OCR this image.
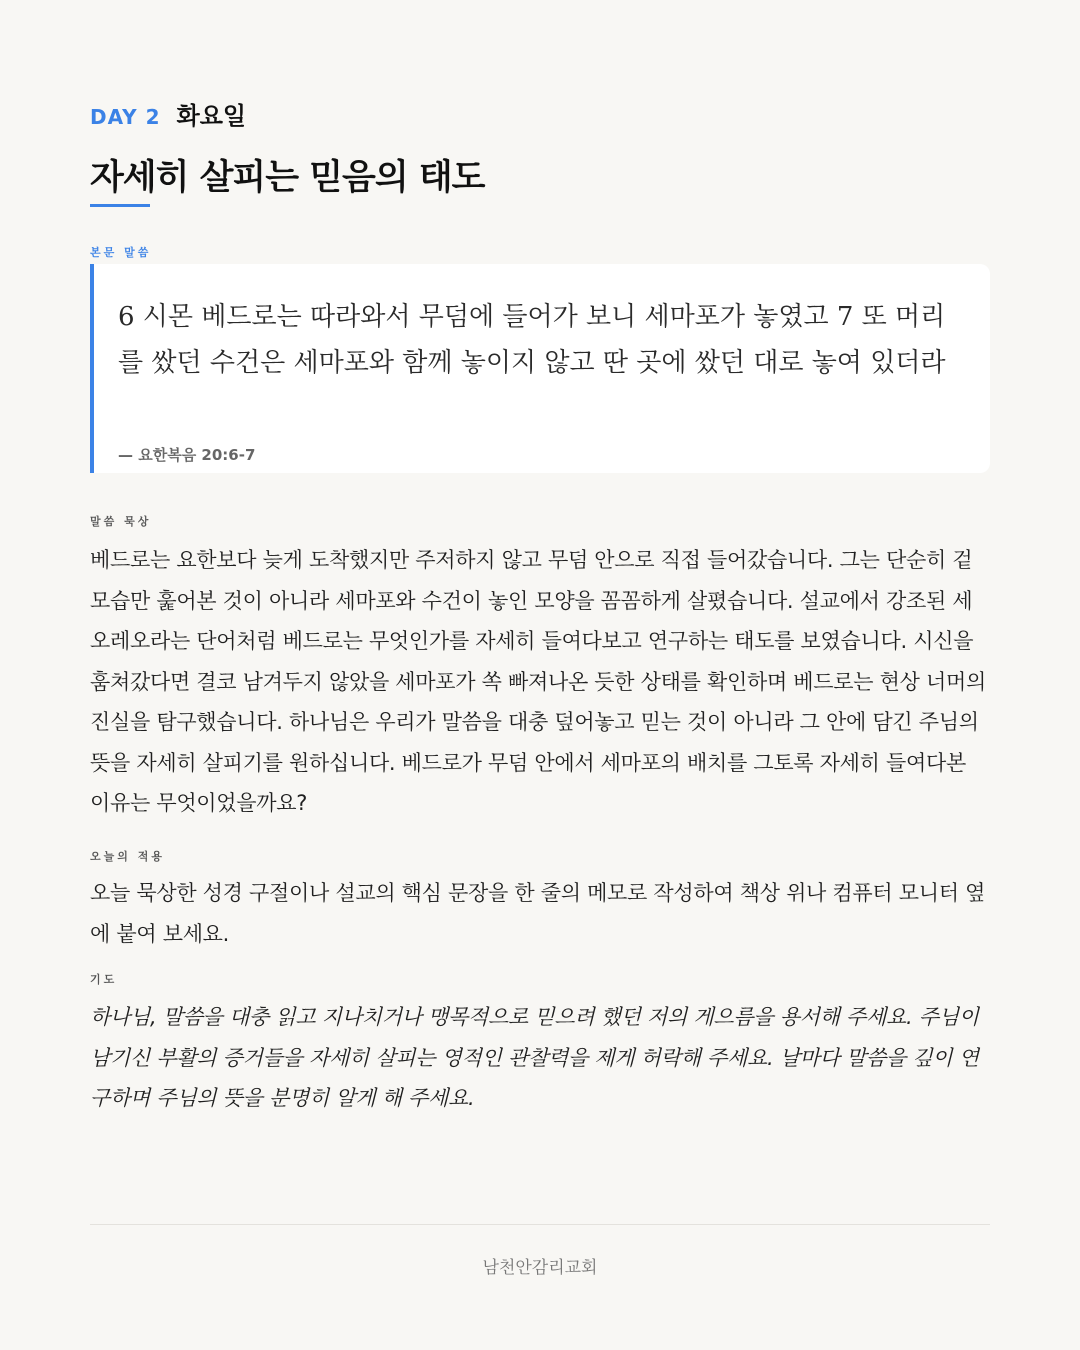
DAY 2 화요일
자세히 살피는 믿음의 태도
본문 말씀
6 시몬 베드로는 따라와서 무덤에 들어가 보니 세마포가 놓였고 7 또 머리를 쌌던 수건은 세마포와 함께 놓이지 않고 딴 곳에 쌌던 대로 놓여 있더라
— 요한복음 20:6-7
말씀 묵상
베드로는 요한보다 늦게 도착했지만 주저하지 않고 무덤 안으로 직접 들어갔습니다. 그는 단순히 겉모습만 훑어본 것이 아니라 세마포와 수건이 놓인 모양을 꼼꼼하게 살폈습니다. 설교에서 강조된 세오레오라는 단어처럼 베드로는 무엇인가를 자세히 들여다보고 연구하는 태도를 보였습니다. 시신을 훔쳐갔다면 결코 남겨두지 않았을 세마포가 쏙 빠져나온 듯한 상태를 확인하며 베드로는 현상 너머의 진실을 탐구했습니다. 하나님은 우리가 말씀을 대충 덮어놓고 믿는 것이 아니라 그 안에 담긴 주님의 뜻을 자세히 살피기를 원하십니다. 베드로가 무덤 안에서 세마포의 배치를 그토록 자세히 들여다본 이유는 무엇이었을까요?
오늘의 적용
오늘 묵상한 성경 구절이나 설교의 핵심 문장을 한 줄의 메모로 작성하여 책상 위나 컴퓨터 모니터 옆에 붙여 보세요.
기도
하나님, 말씀을 대충 읽고 지나치거나 맹목적으로 믿으려 했던 저의 게으름을 용서해 주세요. 주님이 남기신 부활의 증거들을 자세히 살피는 영적인 관찰력을 제게 허락해 주세요. 날마다 말씀을 깊이 연구하며 주님의 뜻을 분명히 알게 해 주세요.
남천안감리교회
